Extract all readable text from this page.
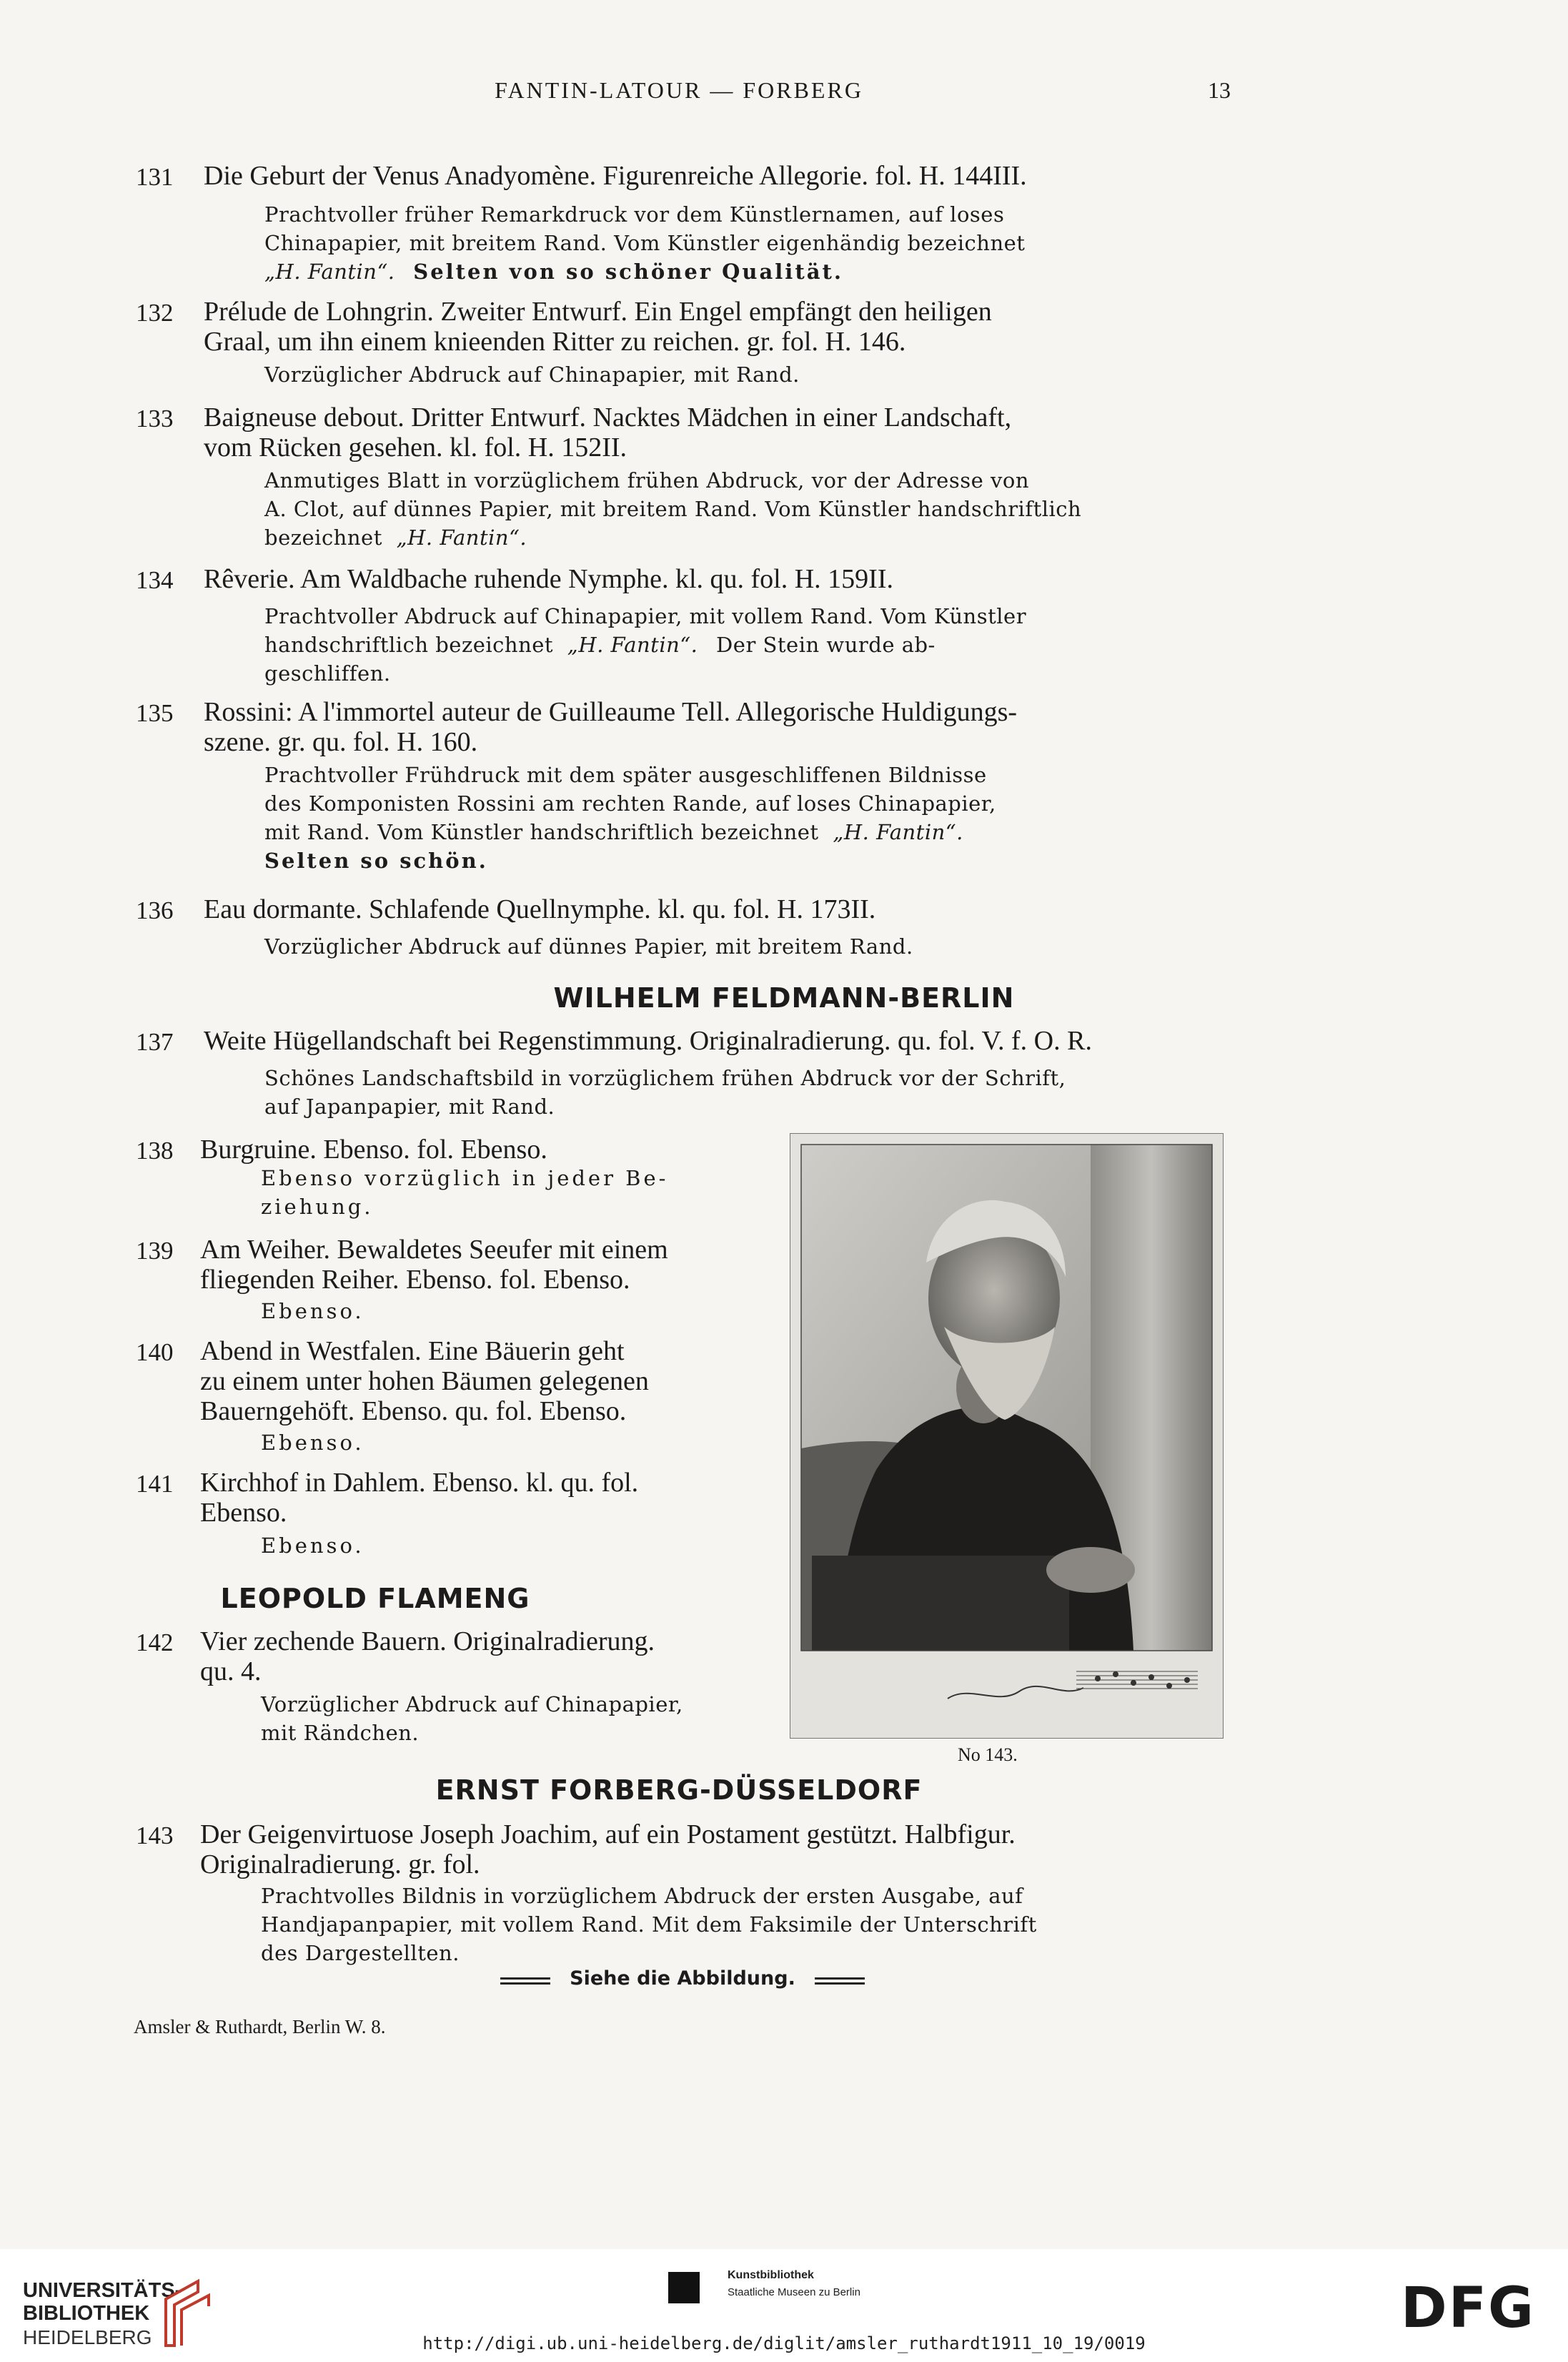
FANTIN-LATOUR — FORBERG	13
131 Die Geburt der Venus Anadyomène. Figurenreiche Allegorie. fol. H. 144III.
Prachtvoller früher Remarkdruck vor dem Künstlernamen, auf loses
Chinapapier, mit breitem Rand. Vom Künstler eigenhändig bezeichnet
„H. Fantin“. Selten von so schöner Qualität.
132 Prélude de Lohngrin. Zweiter Entwurf. Ein Engel empfängt den heiligen
Graal, um ihn einem knieenden Ritter zu reichen. gr. fol. H. 146.
Vorzüglicher Abdruck auf Chinapapier, mit Rand.
133 Baigneuse debout. Dritter Entwurf. Nacktes Mädchen in einer Landschaft,
vom Rücken gesehen. kl. fol. H. 152II.
Anmutiges Blatt in vorzüglichem frühen Abdruck, vor der Adresse von
A. Clot, auf dünnes Papier, mit breitem Rand. Vom Künstler handschriftlich
bezeichnet „H. Fantin“.
134 Rêverie. Am Waldbache ruhende Nymphe. kl. qu. fol. H. 159II.
Prachtvoller Abdruck auf Chinapapier, mit vollem Rand. Vom Künstler
handschriftlich bezeichnet „H. Fantin“. Der Stein wurde ab-
geschliffen.
135 Rossini: A l'immortel auteur de Guilleaume Tell. Allegorische Huldigungs-
szene. gr. qu. fol. H. 160.
Prachtvoller Frühdruck mit dem später ausgeschliffenen Bildnisse
des Komponisten Rossini am rechten Rande, auf loses Chinapapier,
mit Rand. Vom Künstler handschriftlich bezeichnet „H. Fantin“.
Selten so schön.
136 Eau dormante. Schlafende Quellnymphe. kl. qu. fol. H. 173II.
Vorzüglicher Abdruck auf dünnes Papier, mit breitem Rand.
WILHELM FELDMANN-BERLIN
137 Weite Hügellandschaft bei Regenstimmung. Originalradierung. qu. fol. V. f. O. R.
Schönes Landschaftsbild in vorzüglichem frühen Abdruck vor der Schrift,
auf Japanpapier, mit Rand.
138 Burgruine. Ebenso. fol. Ebenso.
Ebenso vorzüglich in jeder Be-
ziehung.
139 Am Weiher. Bewaldetes Seeufer mit einem
fliegenden Reiher. Ebenso. fol. Ebenso.
Ebenso.
140 Abend in Westfalen. Eine Bäuerin geht
zu einem unter hohen Bäumen gelegenen
Bauerngehöft. Ebenso. qu. fol. Ebenso.
Ebenso.
141 Kirchhof in Dahlem. Ebenso. kl. qu. fol.
Ebenso.
Ebenso.
LEOPOLD FLAMENG
142 Vier zechende Bauern. Originalradierung.
qu. 4.
Vorzüglicher Abdruck auf Chinapapier,
mit Rändchen.
No 143.
ERNST FORBERG-DÜSSELDORF
143 Der Geigenvirtuose Joseph Joachim, auf ein Postament gestützt. Halbfigur.
Originalradierung. gr. fol.
Prachtvolles Bildnis in vorzüglichem Abdruck der ersten Ausgabe, auf
Handjapanpapier, mit vollem Rand. Mit dem Faksimile der Unterschrift
des Dargestellten.
Siehe die Abbildung.
Amsler & Ruthardt, Berlin W. 8.
UNIVERSITÄTS-
BIBLIOTHEK
HEIDELBERG
Kunstbibliothek
Staatliche Museen zu Berlin	DFG
http://digi.ub.uni-heidelberg.de/diglit/amsler_ruthardt1911_10_19/0019
